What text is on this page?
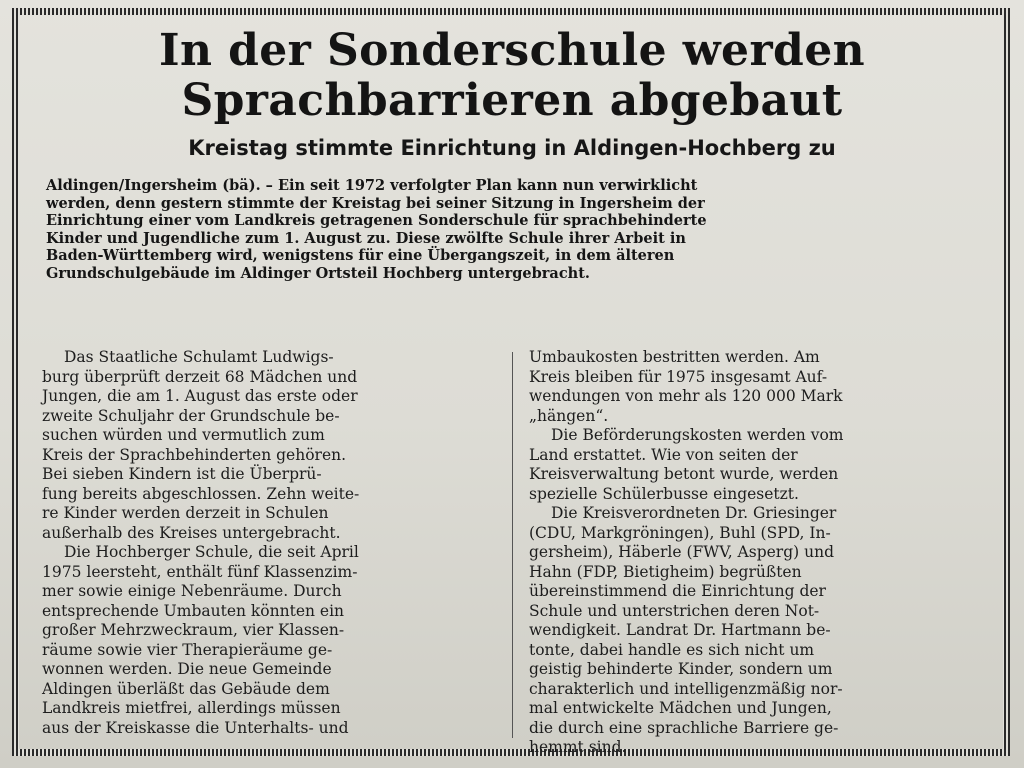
In der Sonderschule werden
Sprachbarrieren abgebaut
Kreistag stimmte Einrichtung in Aldingen-Hochberg zu
Aldingen/Ingersheim (bä). – Ein seit 1972 verfolgter Plan kann nun verwirklicht
werden, denn gestern stimmte der Kreistag bei seiner Sitzung in Ingersheim der
Einrichtung einer vom Landkreis getragenen Sonderschule für sprachbehinderte
Kinder und Jugendliche zum 1. August zu. Diese zwölfte Schule ihrer Arbeit in
Baden-Württemberg wird, wenigstens für eine Übergangszeit, in dem älteren
Grundschulgebäude im Aldinger Ortsteil Hochberg untergebracht.

Das Staatliche Schulamt Ludwigs-
burg überprüft derzeit 68 Mädchen und
Jungen, die am 1. August das erste oder
zweite Schuljahr der Grundschule be-
suchen würden und vermutlich zum
Kreis der Sprachbehinderten gehören.
Bei sieben Kindern ist die Überprü-
fung bereits abgeschlossen. Zehn weite-
re Kinder werden derzeit in Schulen
außerhalb des Kreises untergebracht.

Die Hochberger Schule, die seit April
1975 leersteht, enthält fünf Klassenzim-
mer sowie einige Nebenräume. Durch
entsprechende Umbauten könnten ein
großer Mehrzweckraum, vier Klassen-
räume sowie vier Therapieräume ge-
wonnen werden. Die neue Gemeinde
Aldingen überläßt das Gebäude dem
Landkreis mietfrei, allerdings müssen
aus der Kreiskasse die Unterhalts- und

Umbaukosten bestritten werden. Am
Kreis bleiben für 1975 insgesamt Auf-
wendungen von mehr als 120 000 Mark
„hängen“.

Die Beförderungskosten werden vom
Land erstattet. Wie von seiten der
Kreisverwaltung betont wurde, werden
spezielle Schülerbusse eingesetzt.

Die Kreisverordneten Dr. Griesinger
(CDU, Markgröningen), Buhl (SPD, In-
gersheim), Häberle (FWV, Asperg) und
Hahn (FDP, Bietigheim) begrüßten
übereinstimmend die Einrichtung der
Schule und unterstrichen deren Not-
wendigkeit. Landrat Dr. Hartmann be-
tonte, dabei handle es sich nicht um
geistig behinderte Kinder, sondern um
charakterlich und intelligenzmäßig nor-
mal entwickelte Mädchen und Jungen,
die durch eine sprachliche Barriere ge-
hemmt sind.
